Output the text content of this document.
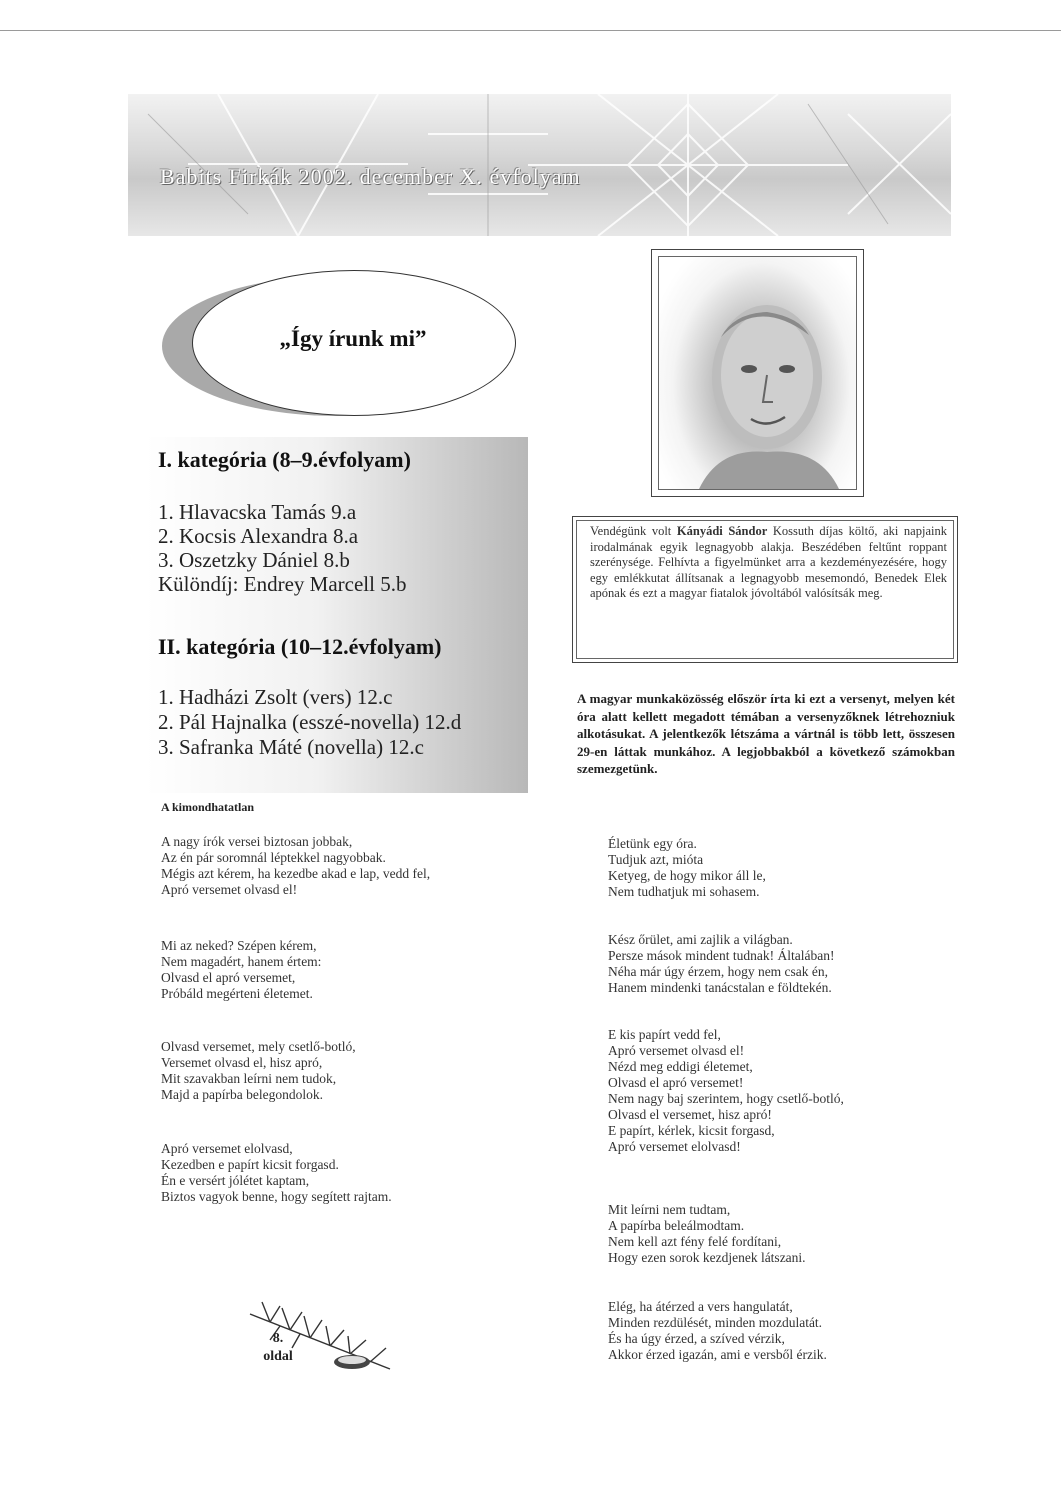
Babits Firkák 2002. december X. évfolyam
„Így írunk mi”
I. kategória (8–9.évfolyam)
1. Hlavacska Tamás 9.a
2. Kocsis Alexandra 8.a
3. Oszetzky Dániel 8.b
Különdíj: Endrey Marcell 5.b
II. kategória (10–12.évfolyam)
1. Hadházi Zsolt (vers) 12.c
2. Pál Hajnalka (esszé-novella) 12.d
3. Safranka Máté (novella) 12.c
Vendégünk volt Kányádi Sándor Kossuth díjas költő, aki napjaink irodalmának egyik legnagyobb alakja. Beszédében feltűnt roppant szerénysége. Felhívta a figyelmünket arra a kezdeményezésére, hogy egy emlékkutat állítsanak a legnagyobb mesemondó, Benedek Elek apónak és ezt a magyar fiatalok jóvoltából valósítsák meg.
A magyar munkaközösség először írta ki ezt a versenyt, melyen két óra alatt kellett megadott témában a versenyzőknek létrehozniuk alkotásukat. A jelentkezők létszáma a vártnál is több lett, összesen 29-en láttak munkához. A legjobbakból a következő számokban szemezgetünk.
A kimondhatatlan
A nagy írók versei biztosan jobbak,
Az én pár soromnál léptekkel nagyobbak.
Mégis azt kérem, ha kezedbe akad e lap, vedd fel,
Apró versemet olvasd el!
Mi az neked? Szépen kérem,
Nem magadért, hanem értem:
Olvasd el apró versemet,
Próbáld megérteni életemet.
Olvasd versemet, mely csetlő-botló,
Versemet olvasd el, hisz apró,
Mit szavakban leírni nem tudok,
Majd a papírba belegondolok.
Apró versemet elolvasd,
Kezedben e papírt kicsit forgasd.
Én e versért jólétet kaptam,
Biztos vagyok benne, hogy segített rajtam.
Életünk egy óra.
Tudjuk azt, mióta
Ketyeg, de hogy mikor áll le,
Nem tudhatjuk mi sohasem.
Kész őrület, ami zajlik a világban.
Persze mások mindent tudnak! Általában!
Néha már úgy érzem, hogy nem csak én,
Hanem mindenki tanácstalan e földtekén.
E kis papírt vedd fel,
Apró versemet olvasd el!
Nézd meg eddigi életemet,
Olvasd el apró versemet!
Nem nagy baj szerintem, hogy csetlő-botló,
Olvasd el versemet, hisz apró!
E papírt, kérlek, kicsit forgasd,
Apró versemet elolvasd!
Mit leírni nem tudtam,
A papírba beleálmodtam.
Nem kell azt fény felé fordítani,
Hogy ezen sorok kezdjenek látszani.
Elég, ha átérzed a vers hangulatát,
Minden rezdülését, minden mozdulatát.
És ha úgy érzed, a szíved vérzik,
Akkor érzed igazán, ami e versből érzik.
8.
oldal
